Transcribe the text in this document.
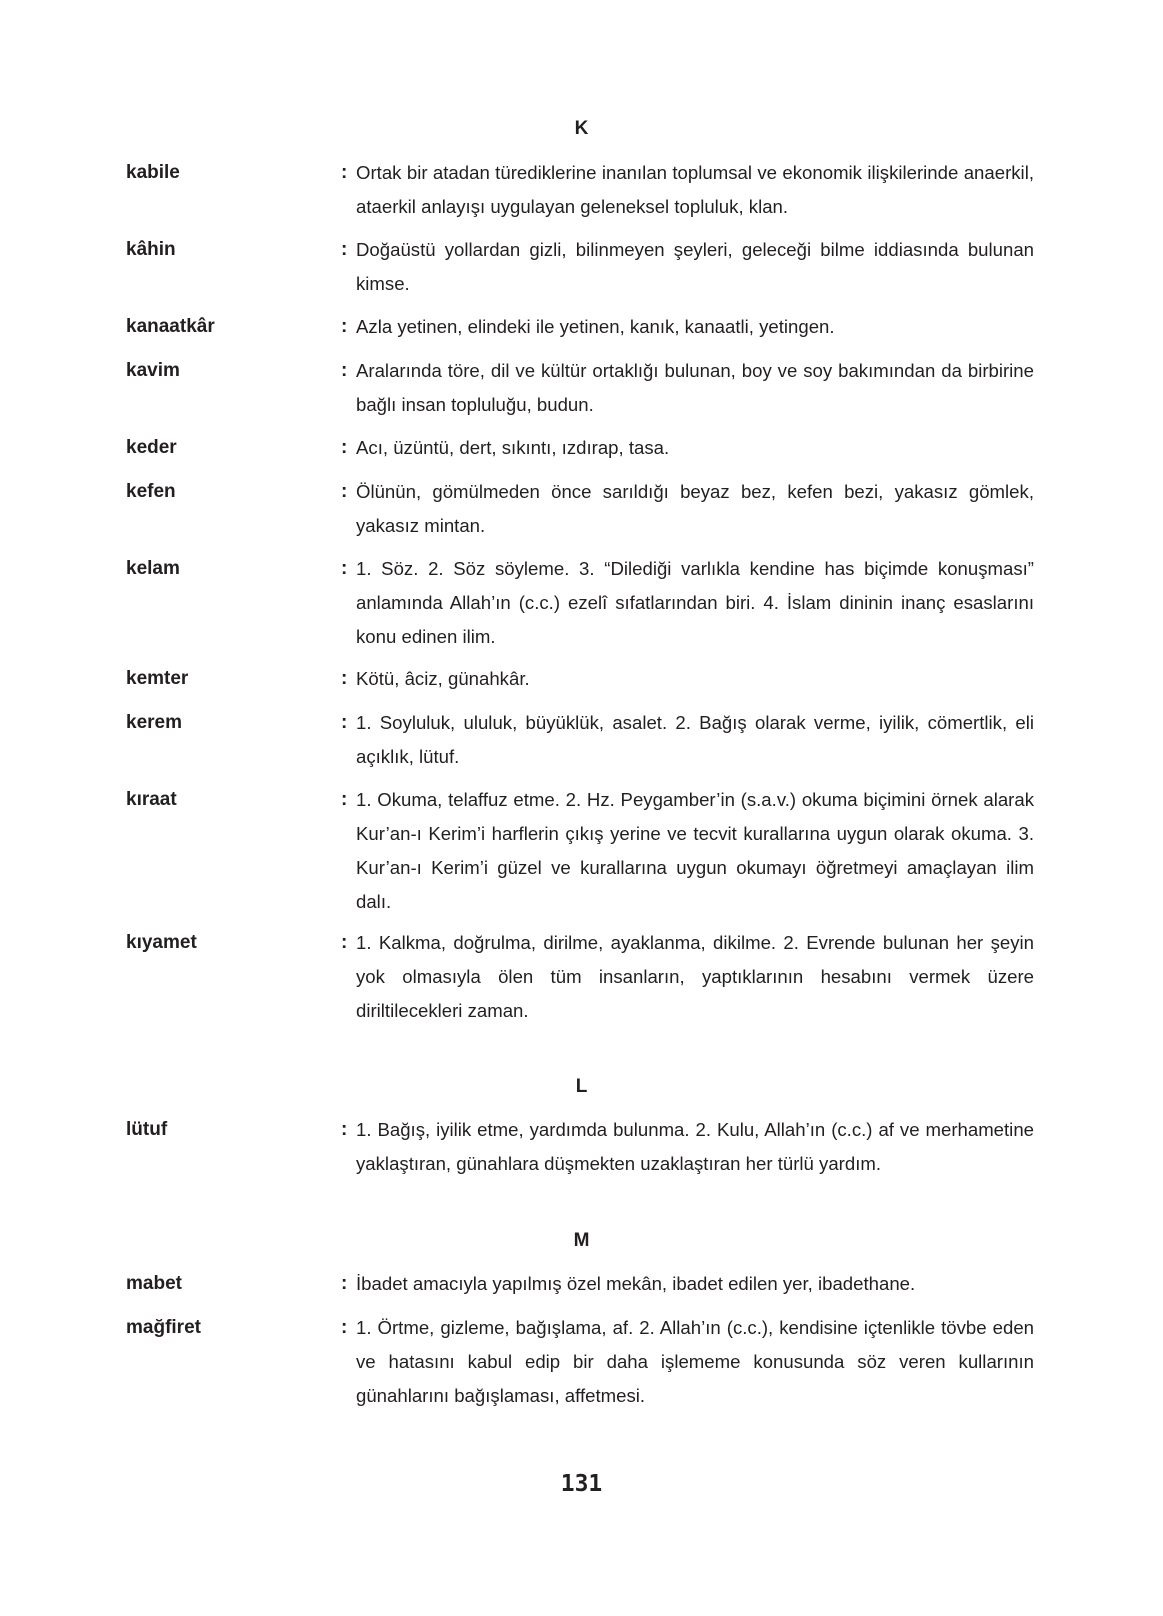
K
kabile	: Ortak bir atadan türediklerine inanılan toplumsal ve ekonomik ilişkilerinde anaerkil, ataerkil anlayışı uygulayan geleneksel topluluk, klan.
kâhin	: Doğaüstü yollardan gizli, bilinmeyen şeyleri, geleceği bilme iddiasında bulunan kimse.
kanaatkâr	: Azla yetinen, elindeki ile yetinen, kanık, kanaatli, yetingen.
kavim	: Aralarında töre, dil ve kültür ortaklığı bulunan, boy ve soy bakımından da birbirine bağlı insan topluluğu, budun.
keder	: Acı, üzüntü, dert, sıkıntı, ızdırap, tasa.
kefen	: Ölünün, gömülmeden önce sarıldığı beyaz bez, kefen bezi, yakasız gömlek, yakasız mintan.
kelam	: 1. Söz. 2. Söz söyleme. 3. “Dilediği varlıkla kendine has biçimde konuşması” anlamında Allah’ın (c.c.) ezelî sıfatlarından biri. 4. İslam dininin inanç esaslarını konu edinen ilim.
kemter	: Kötü, âciz, günahkâr.
kerem	: 1. Soyluluk, ululuk, büyüklük, asalet. 2. Bağış olarak verme, iyilik, cömertlik, eli açıklık, lütuf.
kıraat	: 1. Okuma, telaffuz etme. 2. Hz. Peygamber’in (s.a.v.) okuma biçimini örnek alarak Kur’an-ı Kerim’i harflerin çıkış yerine ve tecvit kurallarına uygun olarak okuma. 3. Kur’an-ı Kerim’i güzel ve kurallarına uygun okumayı öğretmeyi amaçlayan ilim dalı.
kıyamet	: 1. Kalkma, doğrulma, dirilme, ayaklanma, dikilme. 2. Evrende bulunan her şeyin yok olmasıyla ölen tüm insanların, yaptıklarının hesabını vermek üzere diriltilecekleri zaman.
L
lütuf	: 1. Bağış, iyilik etme, yardımda bulunma. 2. Kulu, Allah’ın (c.c.) af ve merhametine yaklaştıran, günahlara düşmekten uzaklaştıran her türlü yardım.
M
mabet	: İbadet amacıyla yapılmış özel mekân, ibadet edilen yer, ibadethane.
mağfiret	: 1. Örtme, gizleme, bağışlama, af. 2. Allah’ın (c.c.), kendisine içtenlikle tövbe eden ve hatasını kabul edip bir daha işlememe konusunda söz veren kullarının günahlarını bağışlaması, affetmesi.
131
